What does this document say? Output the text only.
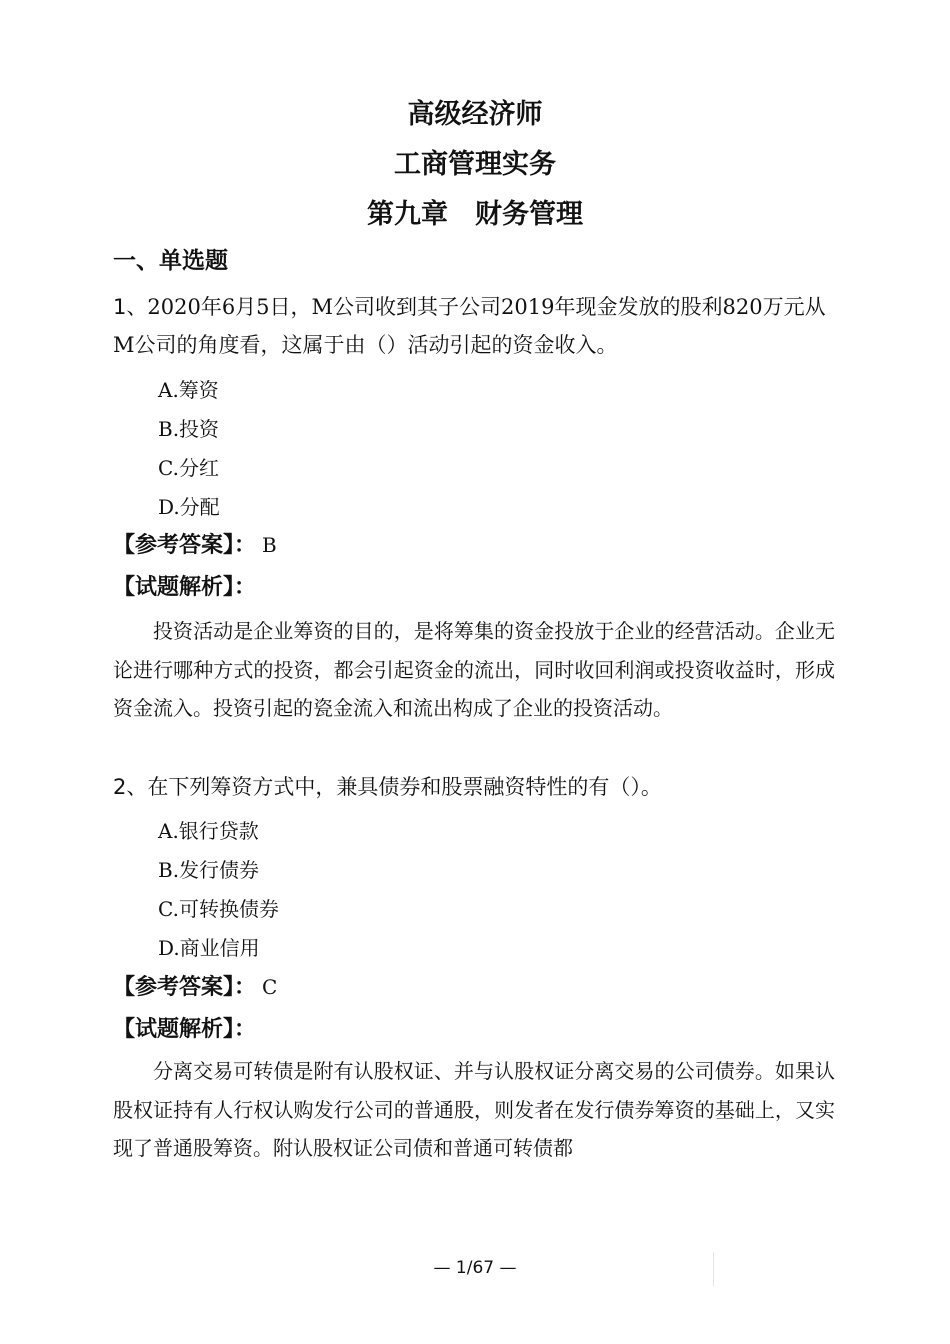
高级经济师
工商管理实务
第九章　财务管理
一、单选题
1、2020年6月5日，M公司收到其子公司2019年现金发放的股利820万元从M公司的角度看，这属于由（）活动引起的资金收入。
A.筹资
B.投资
C.分红
D.分配
【参考答案】： B
【试题解析】：
投资活动是企业筹资的目的，是将筹集的资金投放于企业的经营活动。企业无论进行哪种方式的投资，都会引起资金的流出，同时收回利润或投资收益时，形成资金流入。投资引起的瓷金流入和流出构成了企业的投资活动。
2、在下列筹资方式中，兼具债券和股票融资特性的有（）。
A.银行贷款
B.发行债券
C.可转换债券
D.商业信用
【参考答案】： C
【试题解析】：
分离交易可转债是附有认股权证、并与认股权证分离交易的公司债券。如果认股权证持有人行权认购发行公司的普通股，则发者在发行债券筹资的基础上，又实现了普通股筹资。附认股权证公司债和普通可转债都
— 1/67 —
